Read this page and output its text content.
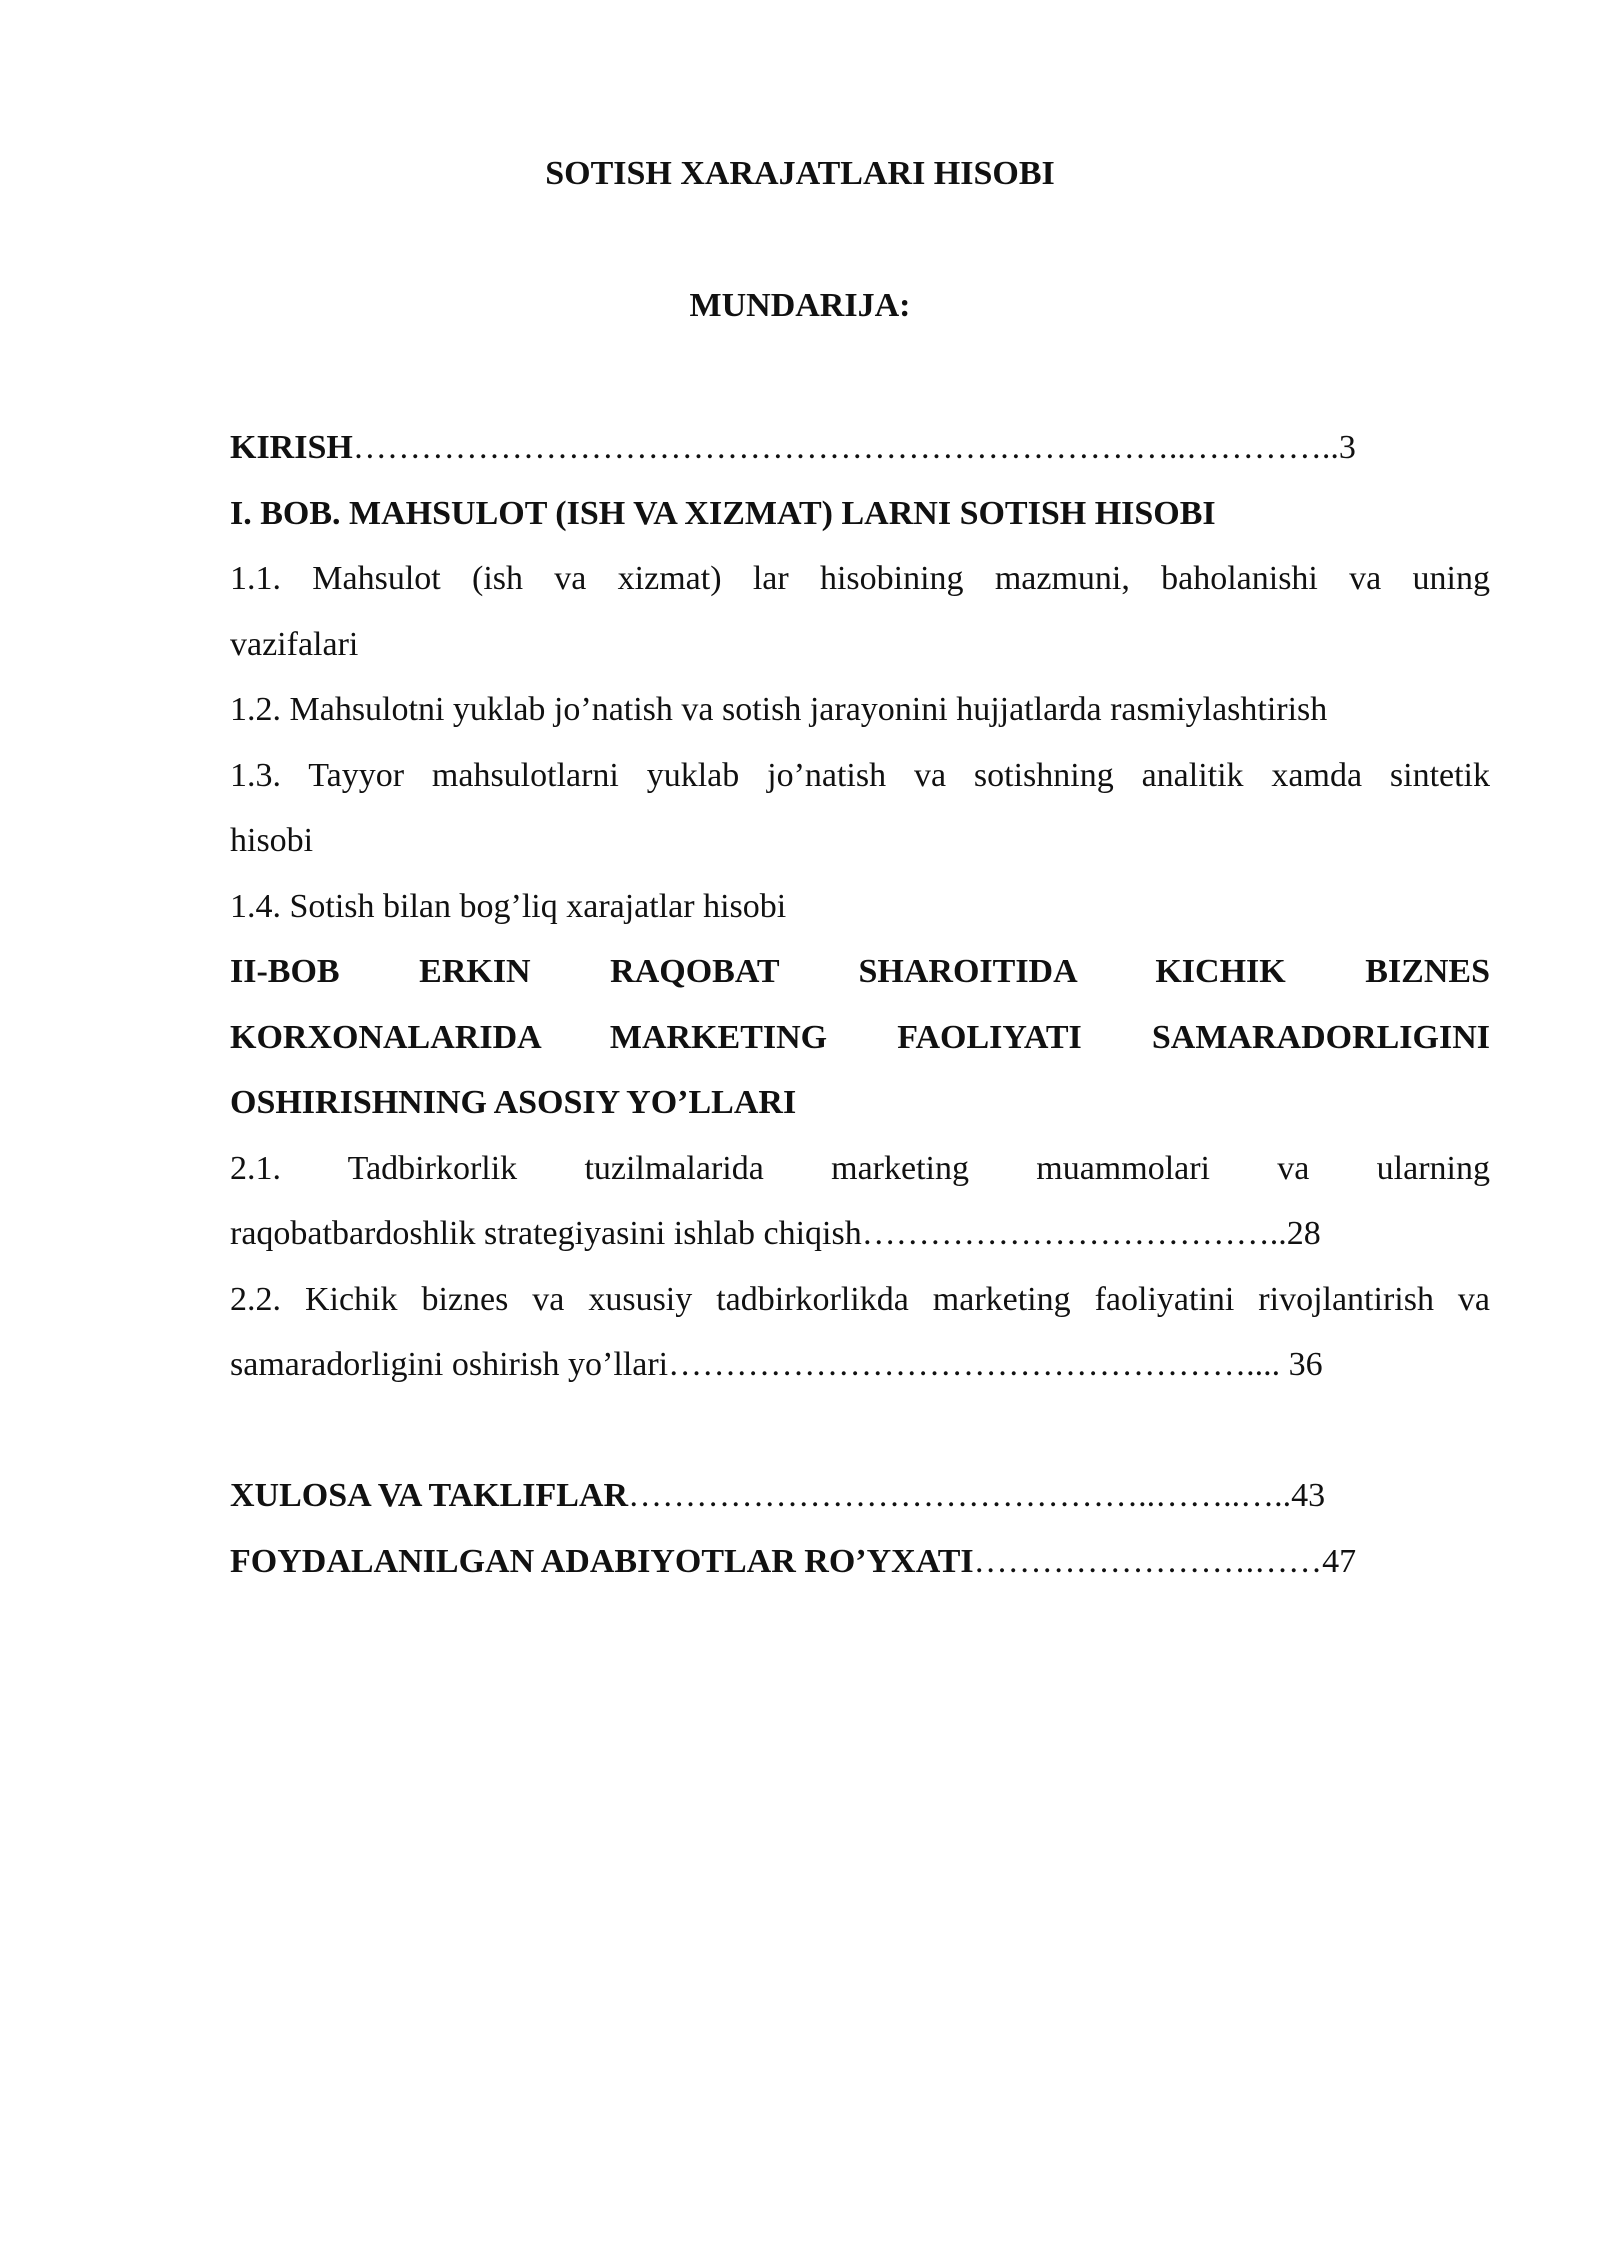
SOTISH XARAJATLARI HISOBI
MUNDARIJA:
KIRISH………………………………………………………………..…………..3
I. BOB. MAHSULOT (ISH VA XIZMAT) LARNI SOTISH HISOBI
1.1. Mahsulot (ish va xizmat) lar hisobining mazmuni, baholanishi va uning
vazifalari
1.2. Mahsulotni yuklab jo’natish va sotish jarayonini hujjatlarda rasmiylashtirish
1.3. Tayyor mahsulotlarni yuklab jo’natish va sotishning analitik xamda sintetik
hisobi
1.4. Sotish bilan bog’liq xarajatlar hisobi
II-BOB ERKIN RAQOBAT SHAROITIDA KICHIK BIZNES
KORXONALARIDA MARKETING FAOLIYATI SAMARADORLIGINI
OSHIRISHNING ASOSIY YO’LLARI
2.1. Tadbirkorlik tuzilmalarida marketing muammolari va ularning
raqobatbardoshlik strategiyasini ishlab chiqish………………………………..28
2.2. Kichik biznes va xususiy tadbirkorlikda marketing faoliyatini rivojlantirish va
samaradorligini oshirish yo’llari…………………………………………….... 36
XULOSA VA TAKLIFLAR………………………………………..……..…..43
FOYDALANILGAN ADABIYOTLAR RO’YXATI…………………….……47
